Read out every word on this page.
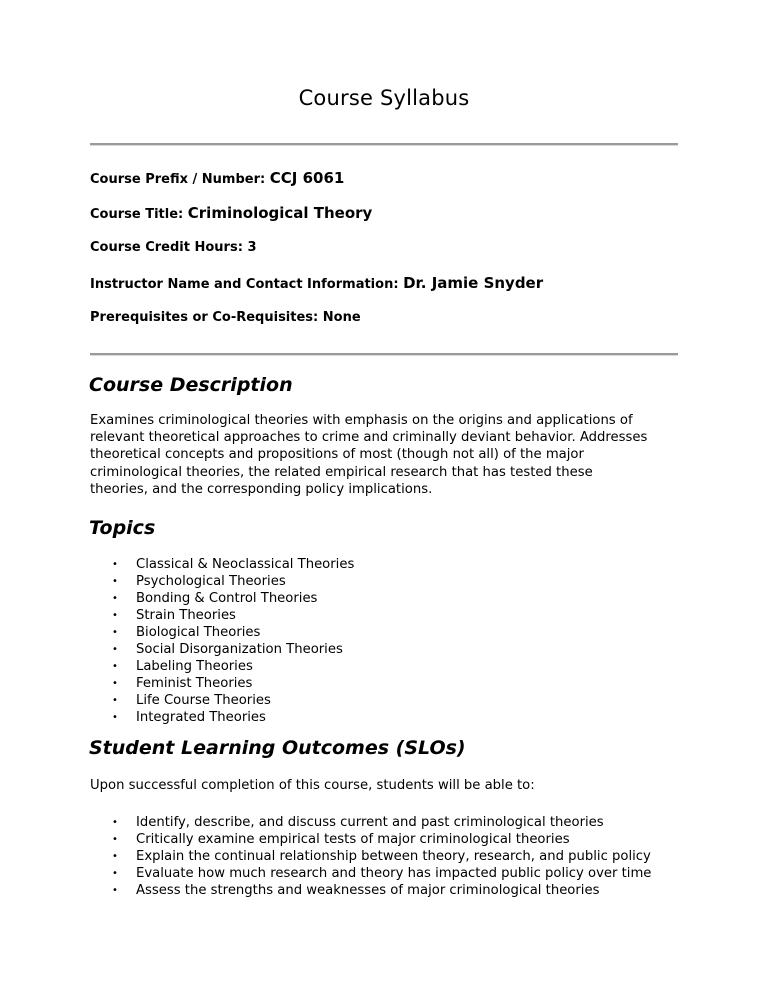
Course Syllabus
Course Prefix / Number: CCJ 6061
Course Title: Criminological Theory
Course Credit Hours: 3
Instructor Name and Contact Information: Dr. Jamie Snyder
Prerequisites or Co-Requisites: None
Course Description
Examines criminological theories with emphasis on the origins and applications of
relevant theoretical approaches to crime and criminally deviant behavior. Addresses
theoretical concepts and propositions of most (though not all) of the major
criminological theories, the related empirical research that has tested these
theories, and the corresponding policy implications.
Topics
• Classical & Neoclassical Theories
• Psychological Theories
• Bonding & Control Theories
• Strain Theories
• Biological Theories
• Social Disorganization Theories
• Labeling Theories
• Feminist Theories
• Life Course Theories
• Integrated Theories
Student Learning Outcomes (SLOs)

Upon successful completion of this course, students will be able to:

• Identify, describe, and discuss current and past criminological theories
• Critically examine empirical tests of major criminological theories
• Explain the continual relationship between theory, research, and public policy
• Evaluate how much research and theory has impacted public policy over time
• Assess the strengths and weaknesses of major criminological theories
